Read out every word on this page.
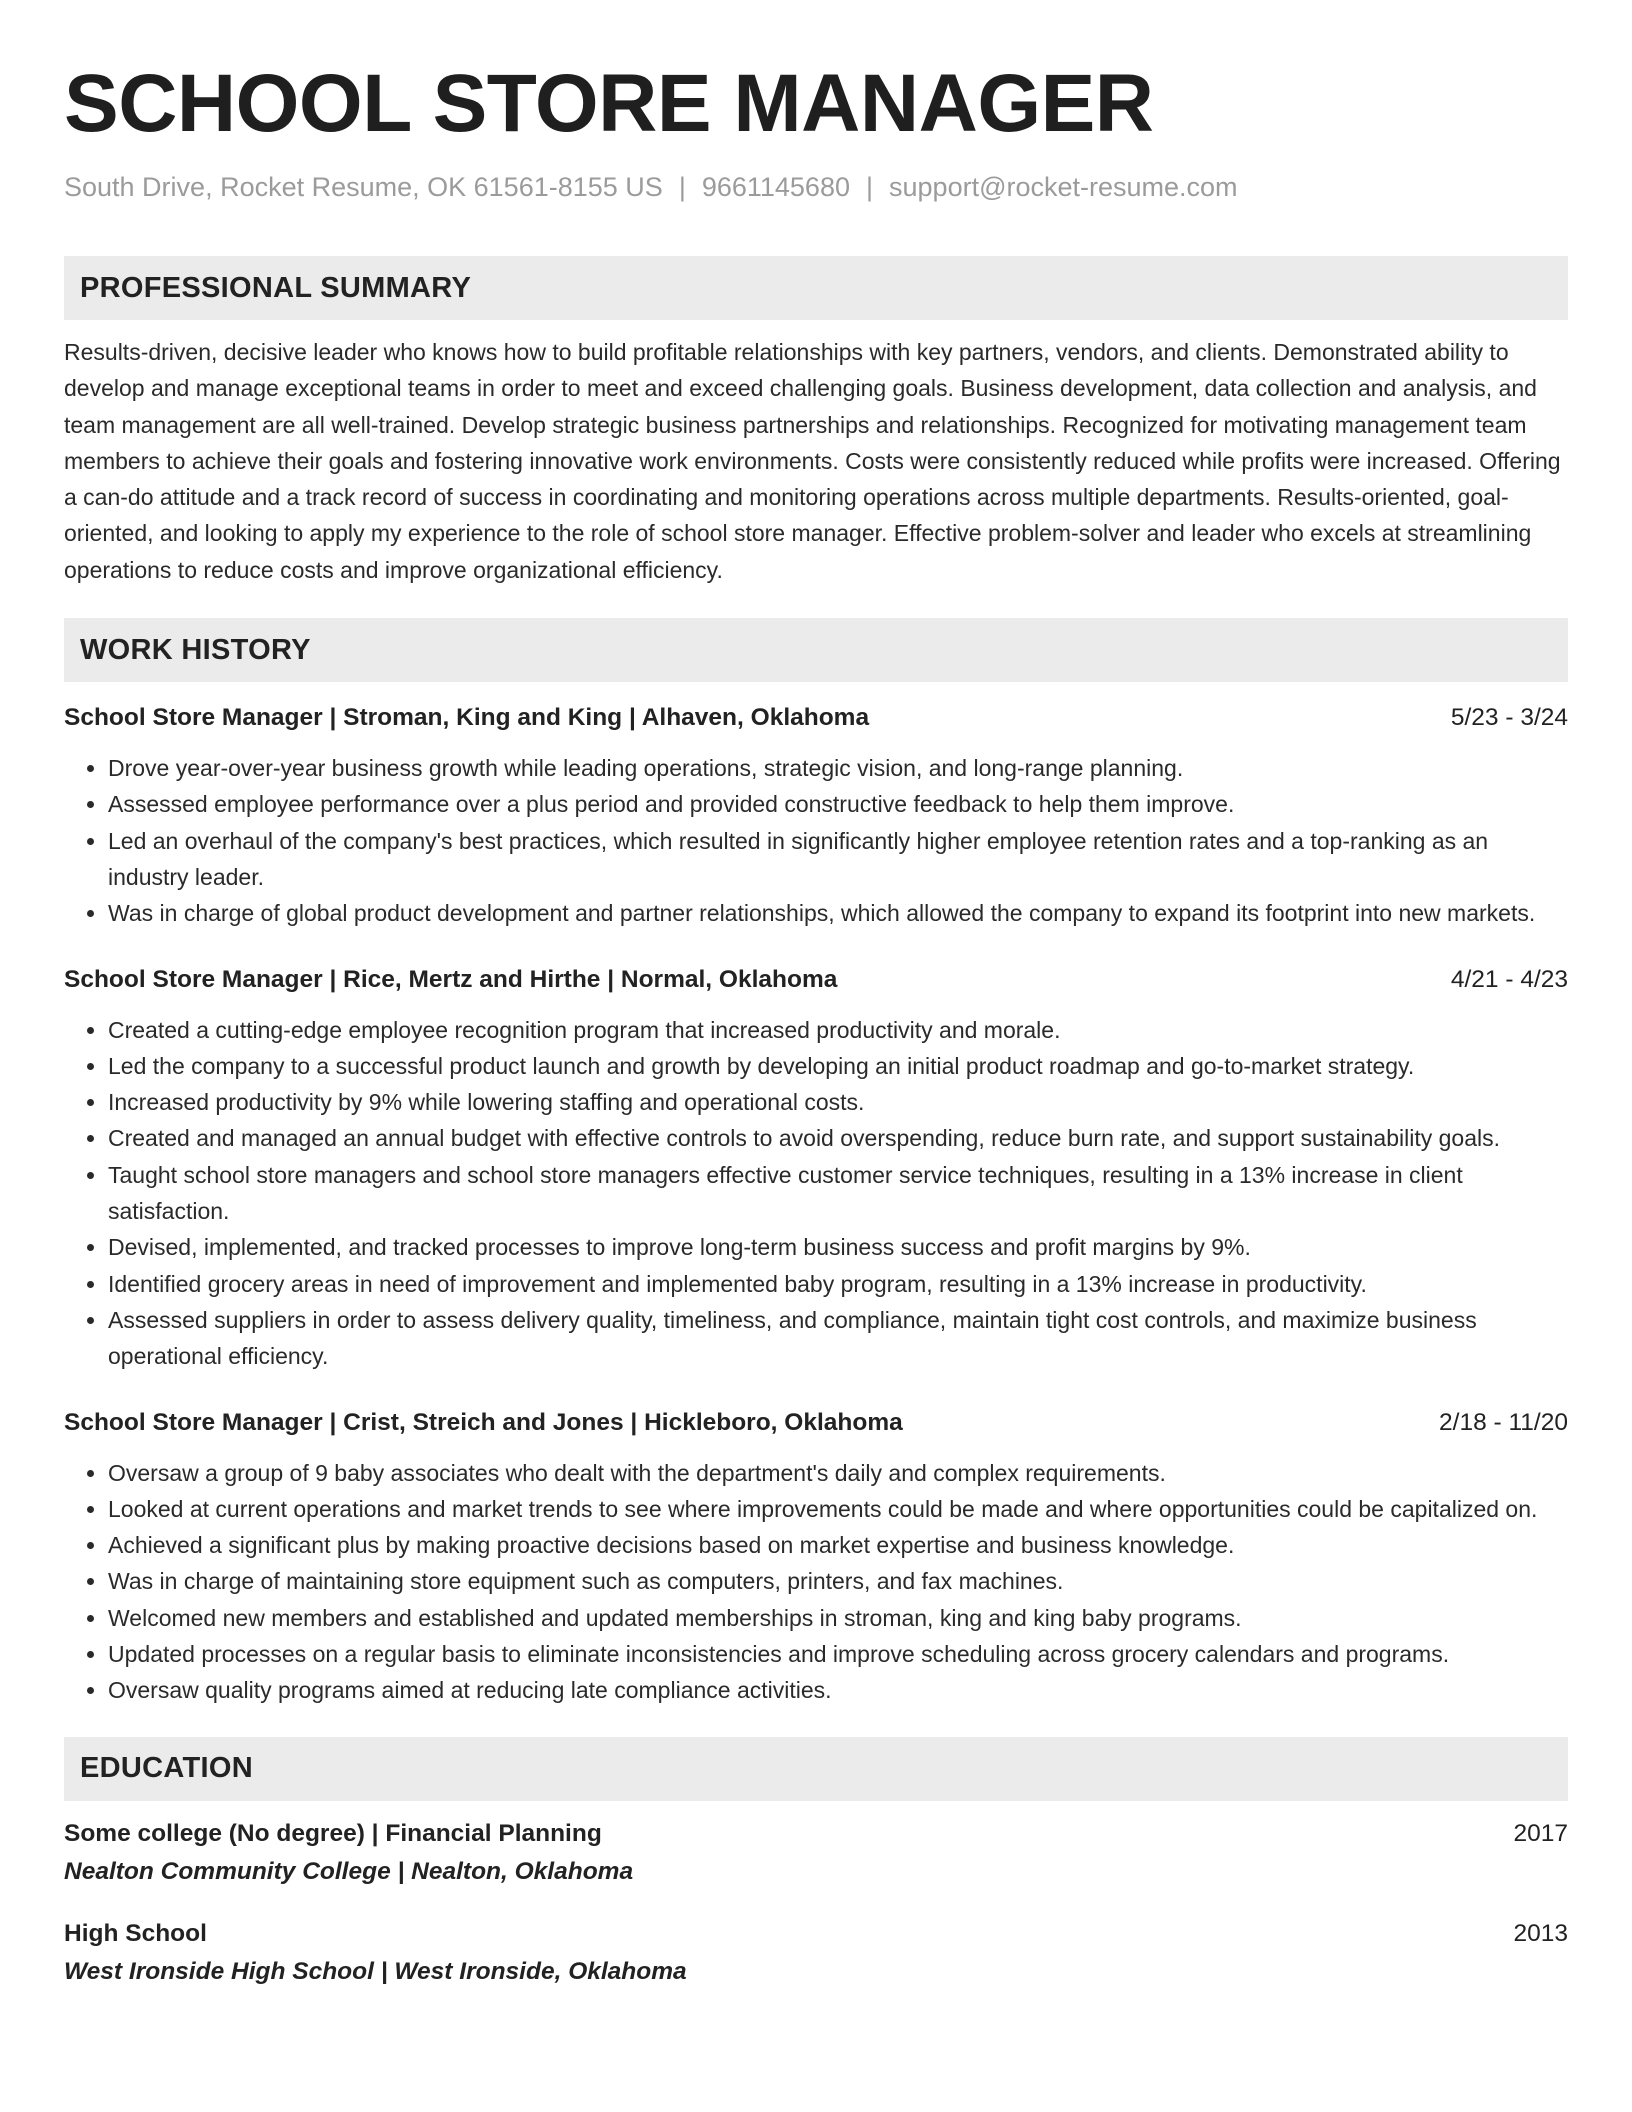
SCHOOL STORE MANAGER
South Drive, Rocket Resume, OK 61561-8155 US | 9661145680 | support@rocket-resume.com
PROFESSIONAL SUMMARY
Results-driven, decisive leader who knows how to build profitable relationships with key partners, vendors, and clients. Demonstrated ability to develop and manage exceptional teams in order to meet and exceed challenging goals. Business development, data collection and analysis, and team management are all well-trained. Develop strategic business partnerships and relationships. Recognized for motivating management team members to achieve their goals and fostering innovative work environments. Costs were consistently reduced while profits were increased. Offering a can-do attitude and a track record of success in coordinating and monitoring operations across multiple departments. Results-oriented, goal-oriented, and looking to apply my experience to the role of school store manager. Effective problem-solver and leader who excels at streamlining operations to reduce costs and improve organizational efficiency.
WORK HISTORY
School Store Manager | Stroman, King and King | Alhaven, Oklahoma	5/23 - 3/24
• Drove year-over-year business growth while leading operations, strategic vision, and long-range planning.
• Assessed employee performance over a plus period and provided constructive feedback to help them improve.
• Led an overhaul of the company's best practices, which resulted in significantly higher employee retention rates and a top-ranking as an industry leader.
• Was in charge of global product development and partner relationships, which allowed the company to expand its footprint into new markets.
School Store Manager | Rice, Mertz and Hirthe | Normal, Oklahoma	4/21 - 4/23
• Created a cutting-edge employee recognition program that increased productivity and morale.
• Led the company to a successful product launch and growth by developing an initial product roadmap and go-to-market strategy.
• Increased productivity by 9% while lowering staffing and operational costs.
• Created and managed an annual budget with effective controls to avoid overspending, reduce burn rate, and support sustainability goals.
• Taught school store managers and school store managers effective customer service techniques, resulting in a 13% increase in client satisfaction.
• Devised, implemented, and tracked processes to improve long-term business success and profit margins by 9%.
• Identified grocery areas in need of improvement and implemented baby program, resulting in a 13% increase in productivity.
• Assessed suppliers in order to assess delivery quality, timeliness, and compliance, maintain tight cost controls, and maximize business operational efficiency.
School Store Manager | Crist, Streich and Jones | Hickleboro, Oklahoma	2/18 - 11/20
• Oversaw a group of 9 baby associates who dealt with the department's daily and complex requirements.
• Looked at current operations and market trends to see where improvements could be made and where opportunities could be capitalized on.
• Achieved a significant plus by making proactive decisions based on market expertise and business knowledge.
• Was in charge of maintaining store equipment such as computers, printers, and fax machines.
• Welcomed new members and established and updated memberships in stroman, king and king baby programs.
• Updated processes on a regular basis to eliminate inconsistencies and improve scheduling across grocery calendars and programs.
• Oversaw quality programs aimed at reducing late compliance activities.
EDUCATION
Some college (No degree) | Financial Planning	2017
Nealton Community College | Nealton, Oklahoma
High School	2013
West Ironside High School | West Ironside, Oklahoma
